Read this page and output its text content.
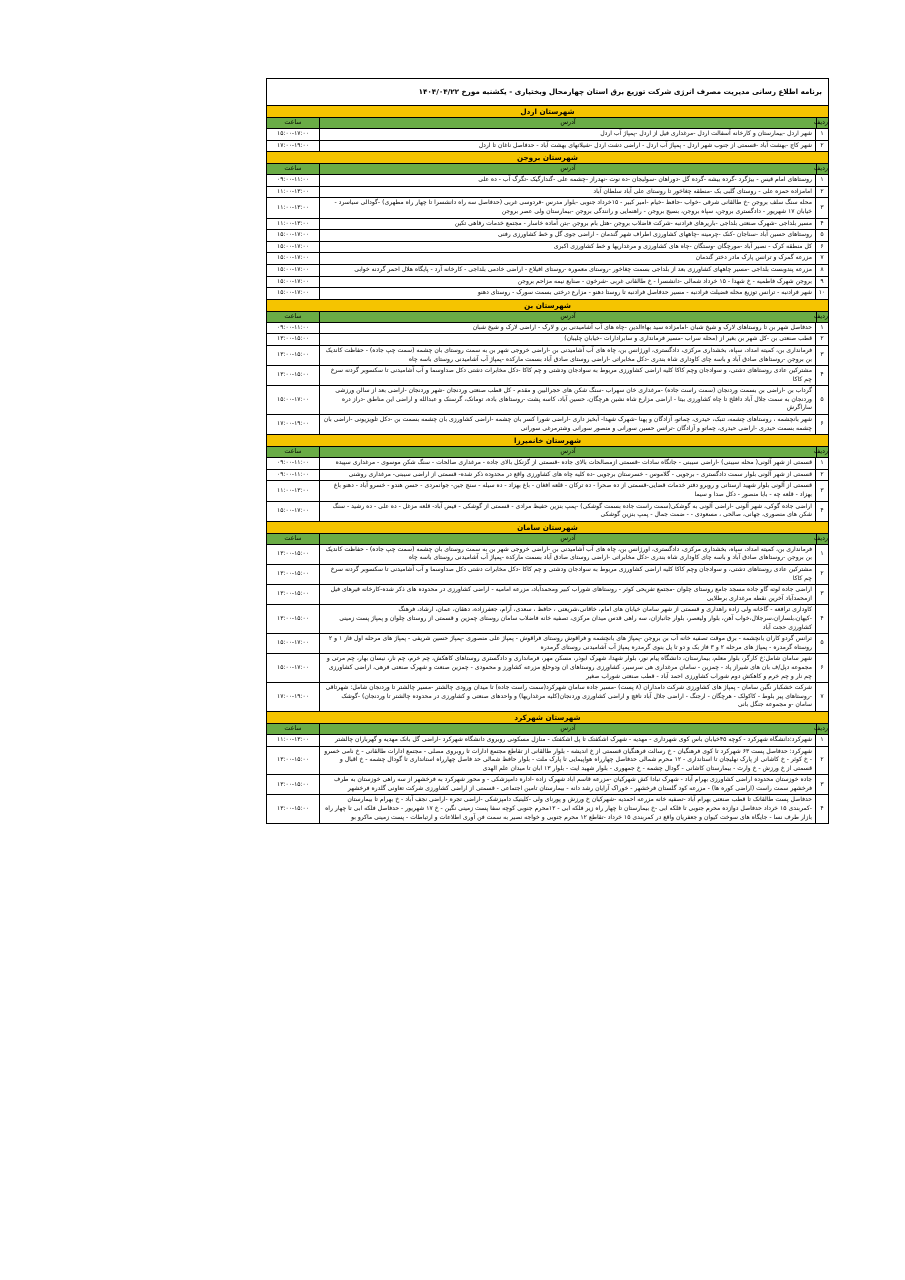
برنامه اطلاع رسانی مدیریت مصرف انرژی شرکت توزیع برق استان چهارمحال وبختیاری - یکشنبه مورخ ۱۴۰۴/۰۴/۲۲
شهرستان اردل
ردیف
آدرس
ساعت
۱
شهر اردل -بیمارستان و کارخانه آسفالت اردل -مرغداری فیل از اردل -پمپاژ آب اردل
۱۵:۰۰-۱۷:۰۰
۲
شهر کاج -بهشت آباد -قسمتی از جنوب شهر اردل - پمپاژ آب اردل - اراضی دشت اردل -شیلاتهای بهشت آباد - حدفاصل ناغان تا اردل
۱۷:۰۰-۱۹:۰۰
شهرستان بروجن
ردیف
آدرس
ساعت
۱
روستاهای امام قیس - بیژگرد -گرده بیشه -گرده گل -دوراهان -سولیجان -ده نوت -نهدراز -چشمه علی -گندارگیک -تگرگ آب - ده علی
۰۹:۰۰-۱۱:۰۰
۲
امامزاده حمزه علی - روستای گلبی بک -منطقه چغاخور تا روستای علی آباد سلطان آباد
۱۱:۰۰-۱۳:۰۰
۳
محله سنگ سلف بروجن -خ طالقانی شرقی -خواب -حافظ -خیام -امیر کبیر - ۱۵خرداد جنوبی -بلوار مدرس -فردوسی غربی (حدفاصل سه راه دانشسرا تا چهار راه مطهری) -گودالی سیاسرد - خیابان ۱۷ شهریور - دادگستری بروجن، سپاه بروجن، بسیج بروجن - راهنمایی و رانندگی بروجن -بیمارستان ولی عصر بروجن
۱۱:۰۰-۱۳:۰۰
۴
مسیر بلداجی -شهرک صنعتی بلداجی -باریرهای فرادنبه -شرکت فاضلاب بروجن -هتل بام بروجن -بتن آماده خاسار - مجتمع خدمات رفاهی تکین
۱۱:۰۰-۱۳:۰۰
۵
روستاهای حسین آباد -سناجان -کنک -چرمینه -چاههای کشاورزی اطراف شهر گندمان - اراضی جوی گل و خط کشاورزی رفنی
۱۵:۰۰-۱۷:۰۰
۶
کل منطقه کرک - نصیر آباد -مورچگان -وستگان -چاه های کشاورزی و مرغداریها و خط کشاورزی اکبری
۱۵:۰۰-۱۷:۰۰
۷
مزرعه گمرک و ترانس پارک مادر دختر گندمان
۱۵:۰۰-۱۷:۰۰
۸
مزرعه پندوبست بلداجی -مسیر چاههای کشاورزی بعد از بلداجی بسمت چغاخور -روستای معموره -روستای افیلاع - اراضی خادمی بلداجی - کارخانه آرد - پایگاه هلال احمر گردنه خوابی
۱۵:۰۰-۱۷:۰۰
۹
بروجن شهرک فاطمیه - خ شهدا - ۱۵ خرداد شمالی -دانشسرا - خ طالقانی غربی -شرخون - صنایع نیمه مزاحم بروجن
۱۵:۰۰-۱۷:۰۰
۱۰
شهر فرادنبه - ترانس توزیع محله فضیلت فرادنبه - مسیر حدفاصل فرادنبه تا روستا دهنو - مزارع درختی بسمت سورک - روستای دهنو
۱۵:۰۰-۱۷:۰۰
شهرستان بن
ردیف
آدرس
ساعت
۱
حدفاصل شهر بن تا روستاهای لارک و شیخ شبان -امامزاده سید بهاءالدین -چاه های آب آشامیدنی بن و لارک - اراضی لارک و شیخ شبان
۰۹:۰۰-۱۱:۰۰
۲
قطب صنعتی بن -کل شهر بن بغیر از (محله سراب -مسیر فرمانداری و سابرادارات -خیابان چلیبان)
۱۳:۰۰-۱۵:۰۰
۳
فرمانداری بن، کمیته امداد، سپاه، بخشداری مرکزی، دادگستری، اورژانس بن، چاه های آب آشامیدنی بن -اراضی خروجی شهر بن به سمت روستای بان چشمه (سمت چپ جاده) - حفاظت کاندیک بن بروجن -روستاهای صادق آباد و باسه چای کاوداری شاه بندری -دکل مخابراتی -اراضی روستای صادق آباد بسمت مارکده -پمپاژ آب آشامیدنی روستای باسه چاه
۱۳:۰۰-۱۵:۰۰
۴
مشترکین عادی روستاهای دشتی، و سوادجان وچم کاکا کلیه اراضی کشاورزی مربوط به سوادجان ودشتی و چم کاکا -دکل مخابرات دشتی دکل صداوسما و آب آشامیدنی تا سکسوبر گردنه سرخ چم کاکا
۱۳:۰۰-۱۵:۰۰
۵
گرداب بن -اراضی بن بسمت وردنجان (سمت راست جاده) -مرغداری خان سهراب -سنگ شکن های حجرالبین و مقدم - کل قطب صنعتی وردنجان -شهر وردنجان -اراضی بعد از سالن ورزشی وردنجان به سمت جلال آباد دافلخ تا چاه کشاورزی بیتا - اراضی مزارع شاه نشین هرچگان، حسین آباد، کاسه پشت -روستاهای باده، تومانک، گرسنک و عبدالله و اراضی این مناطق -دراز دره ساراگرش
۱۵:۰۰-۱۷:۰۰
۶
شهر بانچشمه ، روستاهای چشمه، تنبک، حیدری، چماتو، آزادگان و پهنا -شهرک شهدا- آبخیز داری -اراضی شورا کسر بان چشمه -اراضی کشاورزی بان چشمه بسمت بن -دکل تلویزیونی -اراضی بان چشمه بسمت حیدری -اراضی حیدری، چماتو و آزادگان -ترانس حسین سورانی و منصور سورانی وشترمرغی سورانی
۱۷:۰۰-۱۹:۰۰
شهرستان خانمیرزا
ردیف
آدرس
ساعت
۱
قسمتی از شهر آلونی( محله سیبنی) -اراضی سیبنی - جانگاه سادات -قسمتی ازمصالحات بالای جاده -قسمتی از گزنکل بالای جاده - مرغداری صالحات - سنگ شکن موسوی - مرغداری سپیده
۰۹:۰۰-۱۱:۰۰
۲
قسمتی از شهر آلونی بلوار سمت دادگستری - برجویی - گلاموس - خسرستان برجویی -ده کلیه چاه های کشاورزی واقع در محدوده ذکر شده- قسمتی از اراضی سیبنی- مرغداری روشنی
۰۹:۰۰-۱۱:۰۰
۳
قسمتی از آلونی بلوار شهید ارستانی و روبرو دفتر خدمات قضایی-قسمتی از ده صحرا - ده ترکان - قلعه افغان - باغ بهزاد - ده سیله - سنج جین- جوانمردی - حسن هندو - خسرو آباد - دهنو باغ بهزاد - قلعه چه - بابا منصور - دکل صدا و سیما
۱۱:۰۰-۱۳:۰۰
۴
اراضی جاده گوکی، شهر آلونی -اراضی آلونی به گوشکی(سمت راست جاده بسمت گوشکی) -پمپ بنزین حفیظ مرادی - قسمتی از گوشکی - فیض آباد- قلعه مزغل - ده علی - ده رشید - سنگ شکن های منصوری، جهانی، صالحی ، مسعودی - - ضمت جمال - پمپ بنزین گوشکی
۱۵:۰۰-۱۷:۰۰
شهرستان سامان
ردیف
آدرس
ساعت
۱
فرمانداری بن، کمیته امداد، سپاه، بخشداری مرکزی، دادگستری، اورژانس بن، چاه های آب آشامیدنی بن -اراضی خروجی شهر بن به سمت روستای بان چشمه (سمت چپ جاده) - حفاظت کاندیک بن بروجن -روستاهای صادق آباد و باسه چای کاوداری شاه بندری -دکل مخابراتی -اراضی روستای صادق آباد بسمت مارکده -پمپاژ آب آشامیدنی روستای باسه چاه
۱۳:۰۰-۱۵:۰۰
۲
مشترکین عادی روستاهای دشتی، و سوادجان وچم کاکا کلیه اراضی کشاورزی مربوط به سوادجان ودشتی و چم کاکا -دکل مخابرات دشتی دکل صداوسما و آب آشامیدنی تا سکسوبر گردنه سرخ چم کاکا
۱۳:۰۰-۱۵:۰۰
۳
اراضی جاده لوته گاو جاده مسجد جامع روستای چلوان -مجتمع تفریحی کوثر - روستاهای شوراب کبیر ومحمدآباد، مزرعه امامیه - اراضی کشاورزی در محدوده های ذکر شده-کارخانه قیرهای فیل ازمحمدآباد آخرین نقطه مرغداری برطلایی
۱۳:۰۰-۱۵:۰۰
۴
کاوداری ترافعه - گاخانه ولی زاده راهداری و قسمتی از شهر سامان خیابان های امام، خاقانی،شریعتی ، حافظ ، سعدی، آرام، جعفرزاده، دهقان، عمان، ارشاد، فرهنگ -کیهان،بلساران،سرجلال،خواب آهن، بلوار ولیعصر، بلوار جانبازان، سه راهی قدس میدان مرکزی، تصفیه خانه فاضلاب سامان روستای چمزین و قسمتی از روستای چلوان و پمپاژ پست زمینی کشاورزی حجت آباد
۱۳:۰۰-۱۵:۰۰
۵
ترانس گردو کاران بانچشمه - برق موقت تصفیه خانه آب بن بروجن -پمپاژ های بانچشمه و فراقوش روستای فراقوش - پمپاژ علی منصوری -پمپاژ حسین شریفی - پمپاژ های مرحله اول فاز ۱ و ۲ روستاه گرمدره - پمپاژ های مرحله ۲ و ۳ فاز بک و دو تا پل بنوی گرمدره پمپاژ آب آشامیدنی روستای گرمدره
۱۵:۰۰-۱۷:۰۰
۶
شهر سامان شامل:خ کارگر، بلوار معلم، بیمارستان، دانشگاه پیام نور، بلوار شهدا، شهرک ابوذر، مسکن مهر، فرمانداری و دادگستری روستاهای کاهکش، چم خرم، چم نار، نیسان بهار، چم مرتی و مجموعه دپل/ف بان های شیراز پاد - چمزین - سامان مرغداری هی سرسبر، کشاورزی روستاهای ان ودوحلع مزرعه کشاورز و محمودی - چمزین صنعت و شهرک صنعتی فرهی، اراضی کشاورزی چم نار و چم خرم و کاهکش دوم شوراب کشاورزی احمد آباد - قطب صنعتی شوراب صغیر
۱۵:۰۰-۱۷:۰۰
۷
شرکت خشکبار نگین سامان - پمپاژ های کشاورزی شرکت دامداران (۸ پست) -مسیر جاده سامان شهرکرد(سمت راست جاده) تا میدان ورودی چالشتر -مسیر چالشتر تا وردنجان شامل: شهرتاقی -روستاهای پیر بلوط - کاکولک - هرچگان - ارجنگ - اراضی جلال آباد نافچ و اراضی کشاورزی وردنجان(کلیه مرغداریها) و واحدهای صنعتی و کشاورزی در محدوده چالشتر تا وردنجان) -گوشک سامان -و مجموعه جنگل بانی
۱۷:۰۰-۱۹:۰۰
شهرستان شهرکرد
ردیف
آدرس
ساعت
۱
شهرکرد:دانشگاه شهرکرد - کوچه ۴۵خیابان باس کوی شهرداری - مهدیه - شهرک اشکفتک تا پل اشکفتک - منازل مسکونی روبروی دانشگاه شهرکرد -اراضی گل بانک مهدیه و گهرباران چالشتر
۱۱:۰۰-۱۳:۰۰
۲
شهرکرد: حدفاصل پست ۶۳ شهرکرد تا کوی فرهنگیان - خ رسالت فرهنگیان قسمتی از خ اندیشه - بلوار طالقانی از تقاطع مجتمع ادارات تا روبروی مصلی - مجتمع ادارات طالقانی - خ نامی خسرو - خ کوثر - خ کاشانی از پارک نهلیجان تا استانداری - ۱۲ محرم شمالی حدفاصل چهارراه هواپیمایی تا پارک ملت - بلوار حافظ شمالی حد فاصل چهارراه استانداری تا گودال چشمه - خ اقبال و قسمتی از خ ورزش - خ وارث - بیمارستان کاشانی - گودال چشمه - خ جمهوری - بلوار شهید ایت - بلوار ۱۳ ابان تا میدان علم الهدی
۱۳:۰۰-۱۵:۰۰
۳
جاده خوزستان محدوده اراضی کشاورزی بهرام آباد - شهرک نبادا کش شهرکیان -مزرعه قاسم اباد شهرک زاده -اداره دامپزشکی - و محور شهرکرد به فرخشهر از سه راهی خوزستان به طرف فرخشهر سمت راست (اراضی کوره ها) - مزرعه کود گلستان فرخشهر - خوراک آرایان رشد دانه - بیمارستان تامین اجتماعی - قسمتی از اراضی کشاورزی شرکت تعاونی گلدره فرخشهر
۱۳:۰۰-۱۵:۰۰
۴
حدفاصل پست طالقانک تا قطب صنعتی بهرام آباد -تصفیه خانه مزرعه احمدیه -شهرکیان خ ورزش و پورنای ولی -کلینیک دامپزشکی -اراضی تجره -اراضی نجف آباد - خ بهرام تا بیمارستان -کمربندی ۱۵ خرداد حدفاصل دوازده محرم جنوبی تا فلکه ابی -خ بیمارستان تا چهار راه زیر فلکه ابی - ۱۲محرم جنوبی کوچه سفا پست زمینی نگین - خ ۱۷ شهریور - حدفاصل فلکه ابی تا چهار راه بازار طرف نسا - جایگاه های سوخت کیوان و جعفریان واقع در کمربندی ۱۵ خرداد -تقاطع ۱۲ محرم جنوبی و خواجه نصیر به سمت فن آوری اطلاعات و ارتباطات - پست زمینی ماکرو بو
۱۳:۰۰-۱۵:۰۰
